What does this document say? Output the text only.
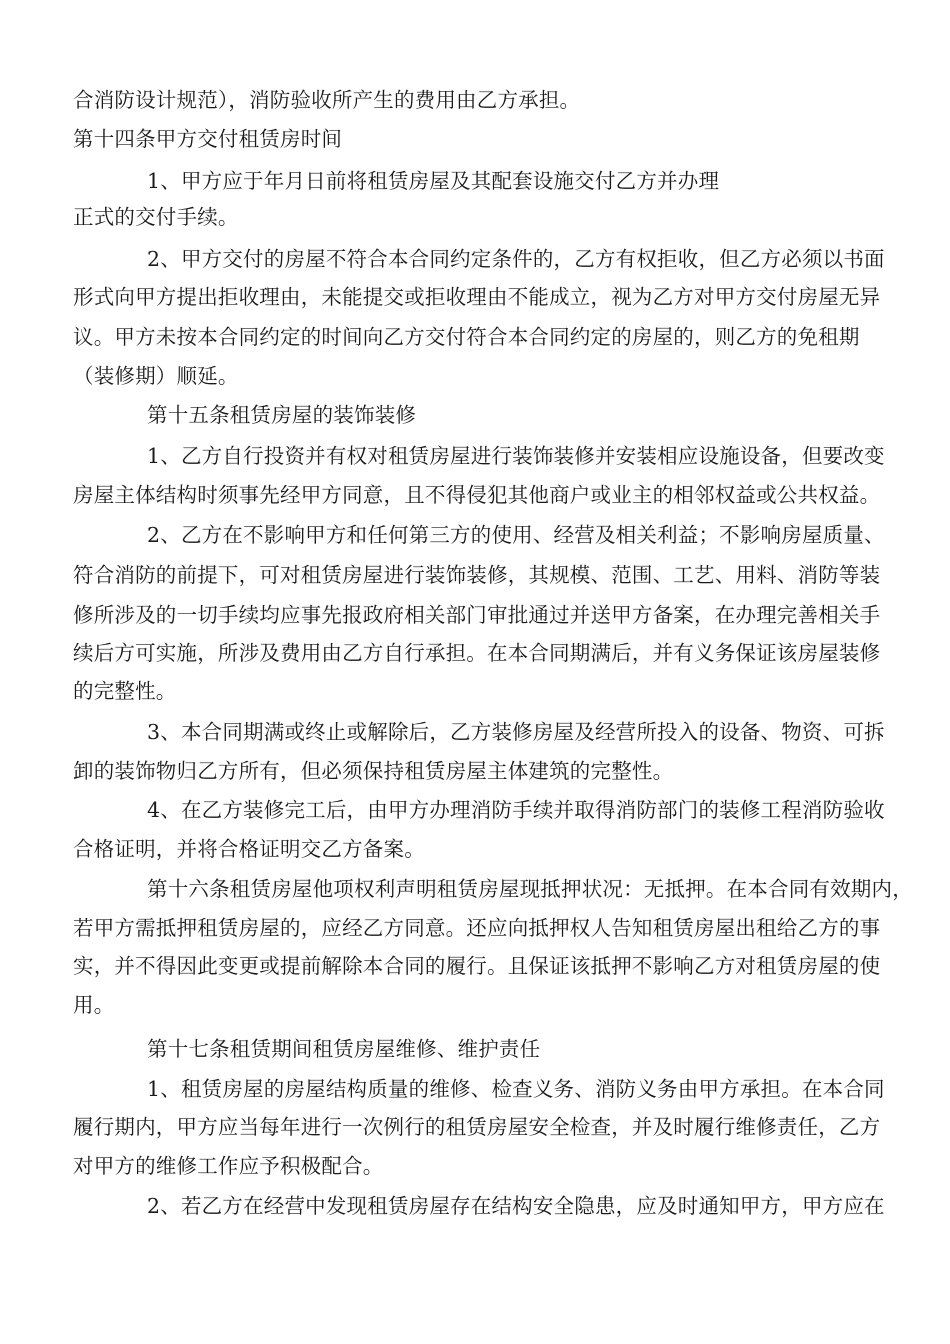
合消防设计规范），消防验收所产生的费用由乙方承担。
第十四条甲方交付租赁房时间
1、甲方应于年月日前将租赁房屋及其配套设施交付乙方并办理
正式的交付手续。
2、甲方交付的房屋不符合本合同约定条件的，乙方有权拒收，但乙方必须以书面
形式向甲方提出拒收理由，未能提交或拒收理由不能成立，视为乙方对甲方交付房屋无异
议。甲方未按本合同约定的时间向乙方交付符合本合同约定的房屋的，则乙方的免租期
（装修期）顺延。
第十五条租赁房屋的装饰装修
1、乙方自行投资并有权对租赁房屋进行装饰装修并安装相应设施设备，但要改变
房屋主体结构时须事先经甲方同意，且不得侵犯其他商户或业主的相邻权益或公共权益。
2、乙方在不影响甲方和任何第三方的使用、经营及相关利益；不影响房屋质量、
符合消防的前提下，可对租赁房屋进行装饰装修，其规模、范围、工艺、用料、消防等装
修所涉及的一切手续均应事先报政府相关部门审批通过并送甲方备案，在办理完善相关手
续后方可实施，所涉及费用由乙方自行承担。在本合同期满后，并有义务保证该房屋装修
的完整性。
3、本合同期满或终止或解除后，乙方装修房屋及经营所投入的设备、物资、可拆
卸的装饰物归乙方所有，但必须保持租赁房屋主体建筑的完整性。
4、在乙方装修完工后，由甲方办理消防手续并取得消防部门的装修工程消防验收
合格证明，并将合格证明交乙方备案。
第十六条租赁房屋他项权利声明租赁房屋现抵押状况：无抵押。在本合同有效期内，
若甲方需抵押租赁房屋的，应经乙方同意。还应向抵押权人告知租赁房屋出租给乙方的事
实，并不得因此变更或提前解除本合同的履行。且保证该抵押不影响乙方对租赁房屋的使
用。
第十七条租赁期间租赁房屋维修、维护责任
1、租赁房屋的房屋结构质量的维修、检查义务、消防义务由甲方承担。在本合同
履行期内，甲方应当每年进行一次例行的租赁房屋安全检查，并及时履行维修责任，乙方
对甲方的维修工作应予积极配合。
2、若乙方在经营中发现租赁房屋存在结构安全隐患，应及时通知甲方，甲方应在
